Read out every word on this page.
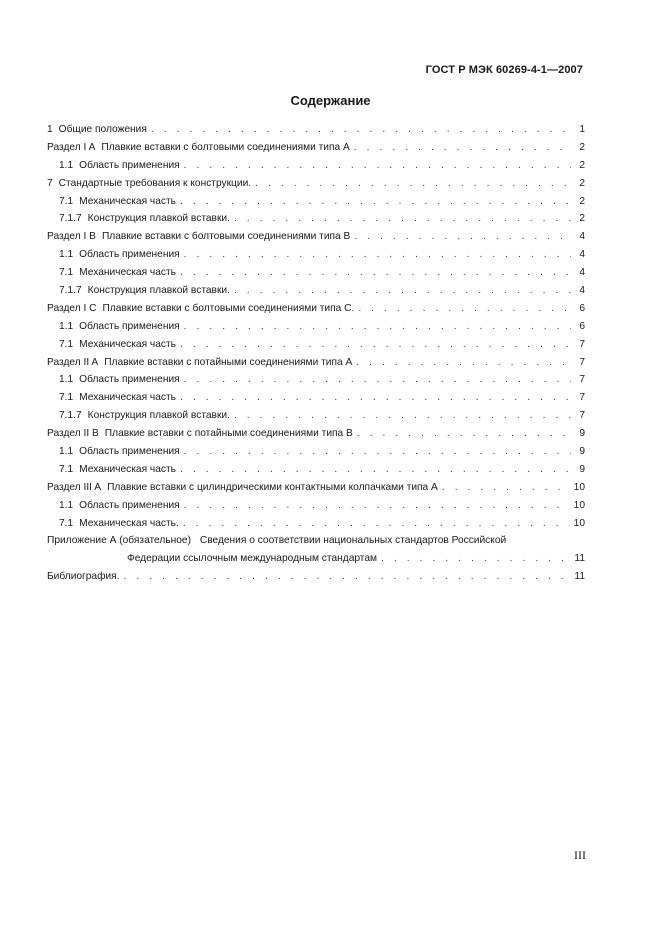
ГОСТ Р МЭК 60269-4-1—2007
Содержание
1 Общие положения . . .	1
Раздел I A Плавкие вставки с болтовыми соединениями типа А . . .	2
1.1 Область применения . . .	2
7 Стандартные требования к конструкции. . . .	2
7.1 Механическая часть . . .	2
7.1.7 Конструкция плавкой вставки. . . .	2
Раздел I B Плавкие вставки с болтовыми соединениями типа В . . .	4
1.1 Область применения . . .	4
7.1 Механическая часть . . .	4
7.1.7 Конструкция плавкой вставки. . . .	4
Раздел I C Плавкие вставки с болтовыми соединениями типа С. . . .	6
1.1 Область применения . . .	6
7.1 Механическая часть . . .	7
Раздел II A Плавкие вставки с потайными соединениями типа А . . .	7
1.1 Область применения . . .	7
7.1 Механическая часть . . .	7
7.1.7 Конструкция плавкой вставки. . . .	7
Раздел II B Плавкие вставки с потайными соединениями типа В . . .	9
1.1 Область применения . . .	9
7.1 Механическая часть . . .	9
Раздел III A Плавкие вставки с цилиндрическими контактными колпачками типа А . . .	10
1.1 Область применения . . .	10
7.1 Механическая часть. . . .	10
Приложение А (обязательное) Сведения о соответствии национальных стандартов Российской
Федерации ссылочным международным стандартам . . .	11
Библиография. . . .	11
III
